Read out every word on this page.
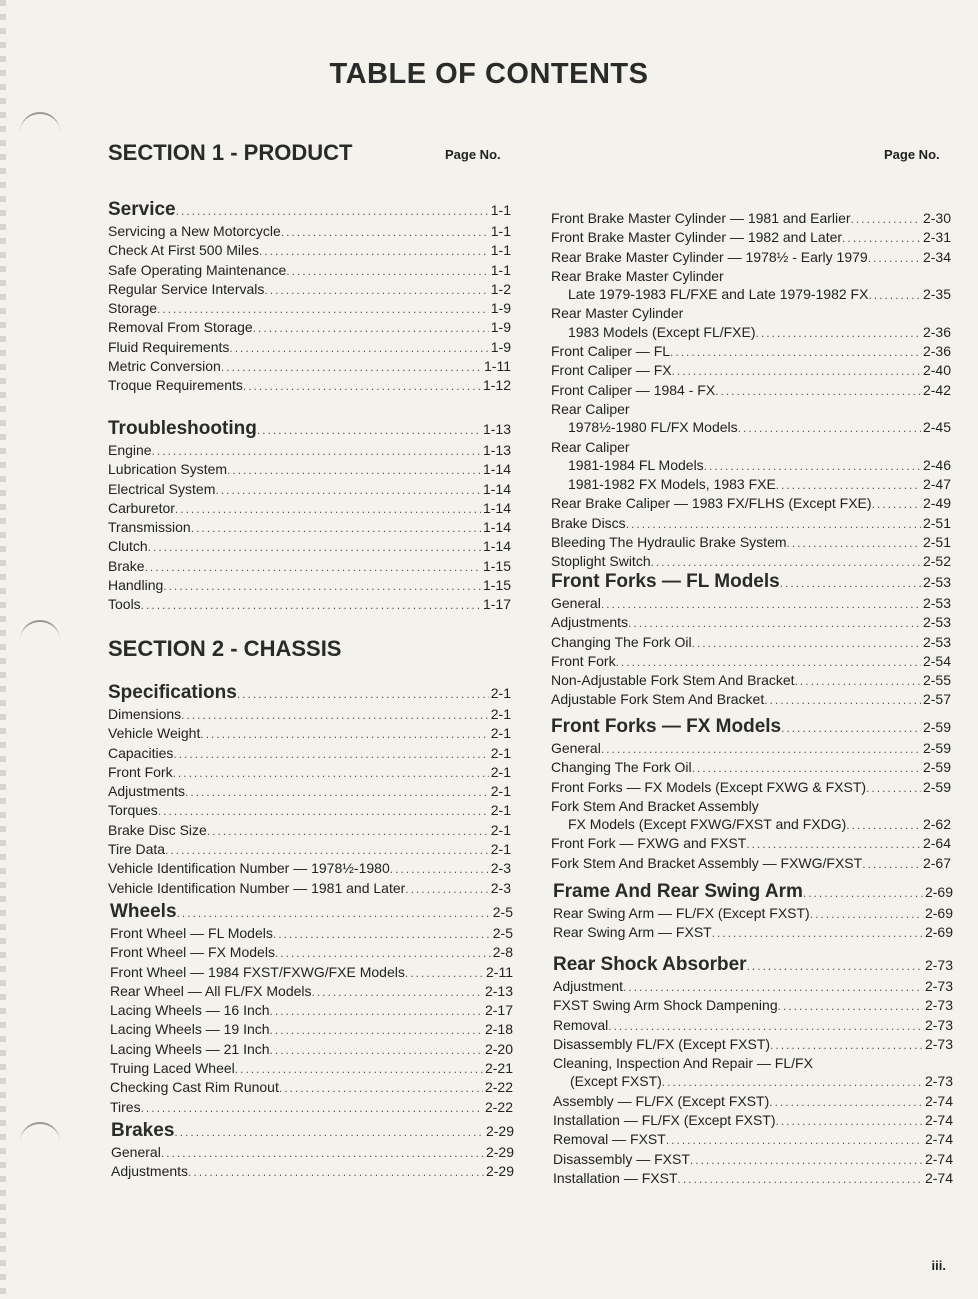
TABLE OF CONTENTS
Page No.	Page No.
SECTION 1 - PRODUCT
Service .....	1-1
Servicing a New Motorcycle .....	1-1
Check At First 500 Miles .....	1-1
Safe Operating Maintenance .....	1-1
Regular Service Intervals .....	1-2
Storage .....	1-9
Removal From Storage .....	1-9
Fluid Requirements .....	1-9
Metric Conversion .....	1-11
Troque Requirements .....	1-12
Troubleshooting .....	1-13
Engine .....	1-13
Lubrication System .....	1-14
Electrical System .....	1-14
Carburetor .....	1-14
Transmission .....	1-14
Clutch .....	1-14
Brake .....	1-15
Handling .....	1-15
Tools .....	1-17
SECTION 2 - CHASSIS
Specifications .....	2-1
Dimensions .....	2-1
Vehicle Weight .....	2-1
Capacities .....	2-1
Front Fork .....	2-1
Adjustments .....	2-1
Torques .....	2-1
Brake Disc Size .....	2-1
Tire Data .....	2-1
Vehicle Identification Number — 1978½-1980 .....	2-3
Vehicle Identification Number — 1981 and Later .....	2-3
Wheels .....	2-5
Front Wheel — FL Models .....	2-5
Front Wheel — FX Models .....	2-8
Front Wheel — 1984 FXST/FXWG/FXE Models .....	2-11
Rear Wheel — All FL/FX Models .....	2-13
Lacing Wheels — 16 Inch .....	2-17
Lacing Wheels — 19 Inch .....	2-18
Lacing Wheels — 21 Inch .....	2-20
Truing Laced Wheel .....	2-21
Checking Cast Rim Runout .....	2-22
Tires .....	2-22
Brakes .....	2-29
General .....	2-29
Adjustments .....	2-29
Front Brake Master Cylinder — 1981 and Earlier .....	2-30
Front Brake Master Cylinder — 1982 and Later .....	2-31
Rear Brake Master Cylinder — 1978½ - Early 1979 .....	2-34
Rear Brake Master Cylinder
Late 1979-1983 FL/FXE and Late 1979-1982 FX .....	2-35
Rear Master Cylinder
1983 Models (Except FL/FXE) .....	2-36
Front Caliper — FL .....	2-36
Front Caliper — FX .....	2-40
Front Caliper — 1984 - FX .....	2-42
Rear Caliper
1978½-1980 FL/FX Models .....	2-45
Rear Caliper
1981-1984 FL Models .....	2-46
1981-1982 FX Models, 1983 FXE .....	2-47
Rear Brake Caliper — 1983 FX/FLHS (Except FXE) .....	2-49
Brake Discs .....	2-51
Bleeding The Hydraulic Brake System .....	2-51
Stoplight Switch .....	2-52
Front Forks — FL Models .....	2-53
General .....	2-53
Adjustments .....	2-53
Changing The Fork Oil .....	2-53
Front Fork .....	2-54
Non-Adjustable Fork Stem And Bracket .....	2-55
Adjustable Fork Stem And Bracket .....	2-57
Front Forks — FX Models .....	2-59
General .....	2-59
Changing The Fork Oil .....	2-59
Front Forks — FX Models (Except FXWG & FXST) .....	2-59
Fork Stem And Bracket Assembly
FX Models (Except FXWG/FXST and FXDG) .....	2-62
Front Fork — FXWG and FXST .....	2-64
Fork Stem And Bracket Assembly — FXWG/FXST .....	2-67
Frame And Rear Swing Arm .....	2-69
Rear Swing Arm — FL/FX (Except FXST) .....	2-69
Rear Swing Arm — FXST .....	2-69
Rear Shock Absorber .....	2-73
Adjustment .....	2-73
FXST Swing Arm Shock Dampening .....	2-73
Removal .....	2-73
Disassembly FL/FX (Except FXST) .....	2-73
Cleaning, Inspection And Repair — FL/FX
(Except FXST) .....	2-73
Assembly — FL/FX (Except FXST) .....	2-74
Installation — FL/FX (Except FXST) .....	2-74
Removal — FXST .....	2-74
Disassembly — FXST .....	2-74
Installation — FXST .....	2-74
iii.
